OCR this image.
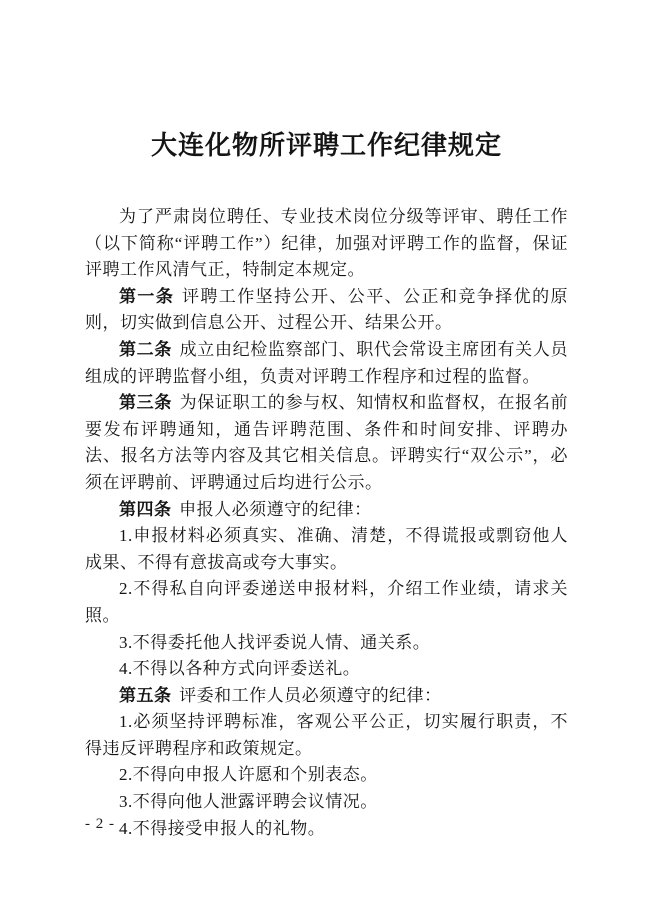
大连化物所评聘工作纪律规定

为了严肃岗位聘任、专业技术岗位分级等评审、聘任工作（以下简称“评聘工作”）纪律，加强对评聘工作的监督，保证评聘工作风清气正，特制定本规定。

第一条 评聘工作坚持公开、公平、公正和竞争择优的原则，切实做到信息公开、过程公开、结果公开。

第二条 成立由纪检监察部门、职代会常设主席团有关人员组成的评聘监督小组，负责对评聘工作程序和过程的监督。

第三条 为保证职工的参与权、知情权和监督权，在报名前要发布评聘通知，通告评聘范围、条件和时间安排、评聘办法、报名方法等内容及其它相关信息。评聘实行“双公示”，必须在评聘前、评聘通过后均进行公示。

第四条 申报人必须遵守的纪律：

1.申报材料必须真实、准确、清楚，不得谎报或剽窃他人成果、不得有意拔高或夸大事实。

2.不得私自向评委递送申报材料，介绍工作业绩，请求关照。

3.不得委托他人找评委说人情、通关系。

4.不得以各种方式向评委送礼。

第五条 评委和工作人员必须遵守的纪律：

1.必须坚持评聘标准，客观公平公正，切实履行职责，不得违反评聘程序和政策规定。

2.不得向申报人许愿和个别表态。

3.不得向他人泄露评聘会议情况。

4.不得接受申报人的礼物。

- 2 -
